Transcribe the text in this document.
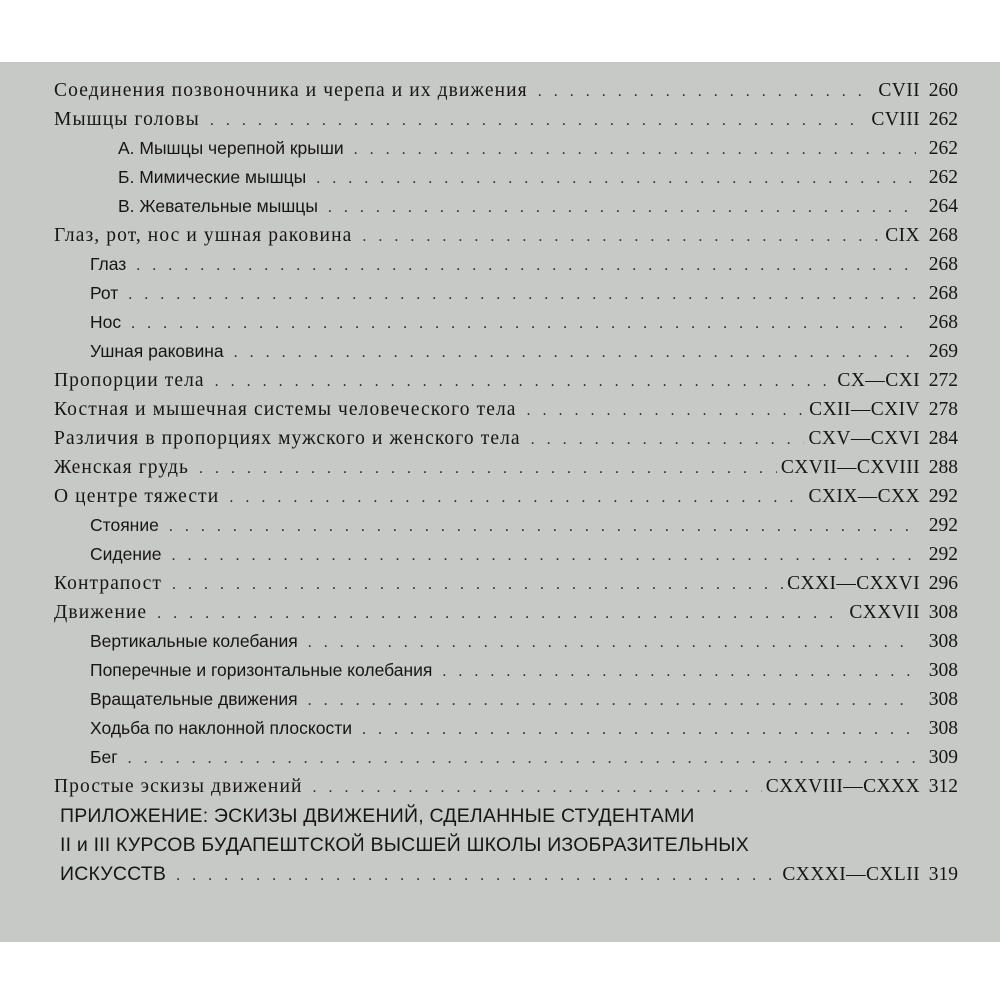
Соединения позвоночника и черепа и их движения . . .	CVII 260
Мышцы головы . . .	CVIII 262
А. Мышцы черепной крыши . . .	262
Б. Мимические мышцы . . .	262
В. Жевательные мышцы . . .	264
Глаз, рот, нос и ушная раковина . . .	CIX 268
Глаз . . .	268
Рот . . .	268
Нос . . .	268
Ушная раковина . . .	269
Пропорции тела . . .	CX—CXI 272
Костная и мышечная системы человеческого тела . . .	CXII—CXIV 278
Различия в пропорциях мужского и женского тела . . .	CXV—CXVI 284
Женская грудь . . .	CXVII—CXVIII 288
О центре тяжести . . .	CXIX—CXX 292
Стояние . . .	292
Сидение . . .	292
Контрапост . . .	CXXI—CXXVI 296
Движение . . .	CXXVII 308
Вертикальные колебания . . .	308
Поперечные и горизонтальные колебания . . .	308
Вращательные движения . . .	308
Ходьба по наклонной плоскости . . .	308
Бег . . .	309
Простые эскизы движений . . .	CXXVIII—CXXX 312
ПРИЛОЖЕНИЕ: ЭСКИЗЫ ДВИЖЕНИЙ, СДЕЛАННЫЕ СТУДЕНТАМИ
II и III КУРСОВ БУДАПЕШТСКОЙ ВЫСШЕЙ ШКОЛЫ ИЗОБРАЗИТЕЛЬНЫХ
ИСКУССТВ . . .	CXXXI—CXLII 319
